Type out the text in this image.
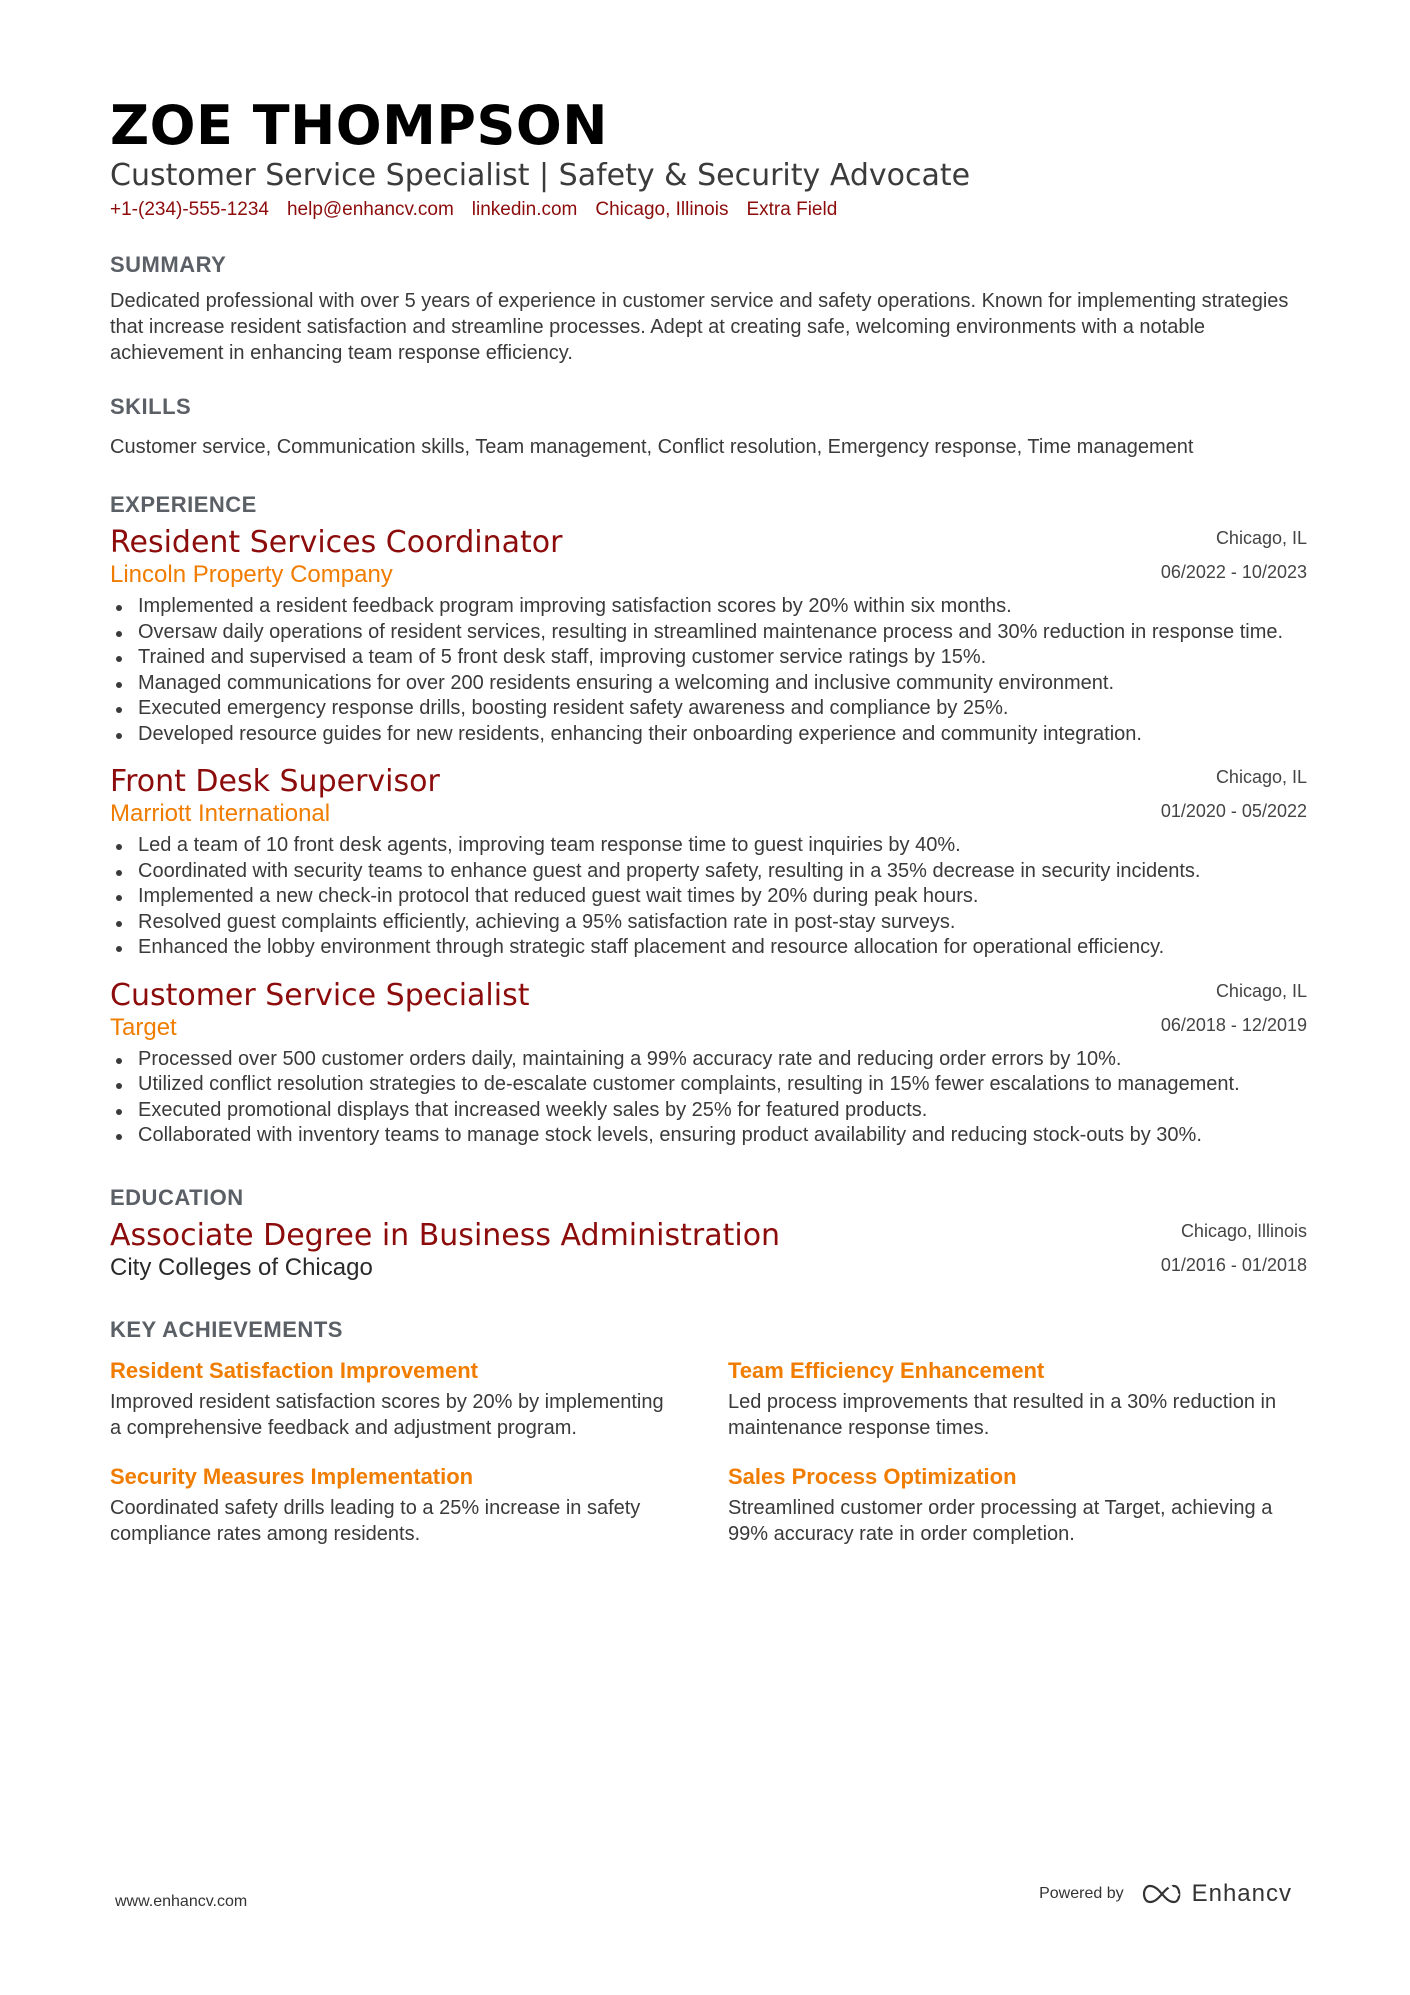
ZOE THOMPSON
Customer Service Specialist | Safety & Security Advocate
+1-(234)-555-1234 help@enhancv.com linkedin.com Chicago, Illinois Extra Field
SUMMARY
Dedicated professional with over 5 years of experience in customer service and safety operations. Known for implementing strategies that increase resident satisfaction and streamline processes. Adept at creating safe, welcoming environments with a notable achievement in enhancing team response efficiency.
SKILLS
Customer service, Communication skills, Team management, Conflict resolution, Emergency response, Time management
EXPERIENCE
Resident Services Coordinator
Lincoln Property Company
Chicago, IL
06/2022 - 10/2023
Implemented a resident feedback program improving satisfaction scores by 20% within six months.
Oversaw daily operations of resident services, resulting in streamlined maintenance process and 30% reduction in response time.
Trained and supervised a team of 5 front desk staff, improving customer service ratings by 15%.
Managed communications for over 200 residents ensuring a welcoming and inclusive community environment.
Executed emergency response drills, boosting resident safety awareness and compliance by 25%.
Developed resource guides for new residents, enhancing their onboarding experience and community integration.
Front Desk Supervisor
Marriott International
Chicago, IL
01/2020 - 05/2022
Led a team of 10 front desk agents, improving team response time to guest inquiries by 40%.
Coordinated with security teams to enhance guest and property safety, resulting in a 35% decrease in security incidents.
Implemented a new check-in protocol that reduced guest wait times by 20% during peak hours.
Resolved guest complaints efficiently, achieving a 95% satisfaction rate in post-stay surveys.
Enhanced the lobby environment through strategic staff placement and resource allocation for operational efficiency.
Customer Service Specialist
Target
Chicago, IL
06/2018 - 12/2019
Processed over 500 customer orders daily, maintaining a 99% accuracy rate and reducing order errors by 10%.
Utilized conflict resolution strategies to de-escalate customer complaints, resulting in 15% fewer escalations to management.
Executed promotional displays that increased weekly sales by 25% for featured products.
Collaborated with inventory teams to manage stock levels, ensuring product availability and reducing stock-outs by 30%.
EDUCATION
Associate Degree in Business Administration
City Colleges of Chicago
Chicago, Illinois
01/2016 - 01/2018
KEY ACHIEVEMENTS
Resident Satisfaction Improvement
Improved resident satisfaction scores by 20% by implementing a comprehensive feedback and adjustment program.
Team Efficiency Enhancement
Led process improvements that resulted in a 30% reduction in maintenance response times.
Security Measures Implementation
Coordinated safety drills leading to a 25% increase in safety compliance rates among residents.
Sales Process Optimization
Streamlined customer order processing at Target, achieving a 99% accuracy rate in order completion.
www.enhancv.com	Powered by	Enhancv
